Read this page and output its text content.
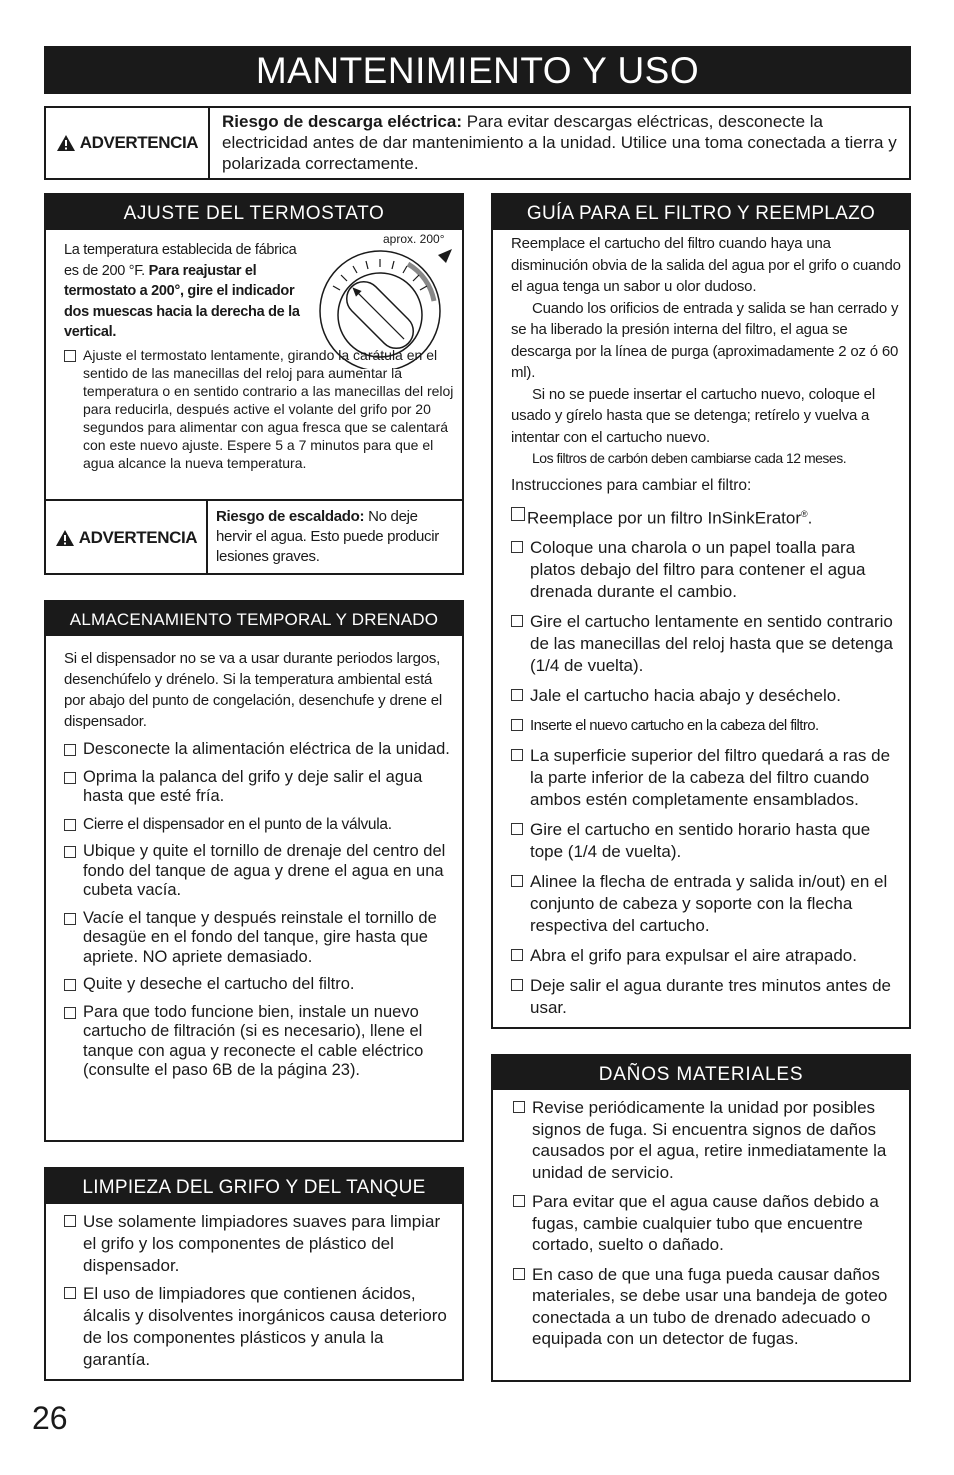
MANTENIMIENTO Y USO
ADVERTENCIA
Riesgo de descarga eléctrica: Para evitar descargas eléctricas, desconecte la electricidad antes de dar mantenimiento a la unidad. Utilice una toma conectada a tierra y polarizada correctamente.
AJUSTE DEL TERMOSTATO
aprox. 200°
La temperatura establecida de fábrica es de 200 °F. Para reajustar el termostato a 200°, gire el indicador dos muescas hacia la derecha de la vertical.
Ajuste el termostato lentamente, girando la carátula en el sentido de las manecillas del reloj para aumentar la temperatura o en sentido contrario a las manecillas del reloj para reducirla, después active el volante del grifo por 20 segundos para alimentar con agua fresca que se calentará con este nuevo ajuste. Espere 5 a 7 minutos para que el agua alcance la nueva temperatura.
ADVERTENCIA
Riesgo de escaldado: No deje hervir el agua. Esto puede producir lesiones graves.
ALMACENAMIENTO TEMPORAL Y DRENADO

Si el dispensador no se va a usar durante periodos largos, desenchúfelo y drénelo. Si la temperatura ambiental está por abajo del punto de congelación, desenchufe y drene el dispensador.

Desconecte la alimentación eléctrica de la unidad.
Oprima la palanca del grifo y deje salir el agua hasta que esté fría.
Cierre el dispensador en el punto de la válvula.
Ubique y quite el tornillo de drenaje del centro del fondo del tanque de agua y drene el agua en una cubeta vacía.
Vacíe el tanque y después reinstale el tornillo de desagüe en el fondo del tanque, gire hasta que apriete. NO apriete demasiado.
Quite y deseche el cartucho del filtro.
Para que todo funcione bien, instale un nuevo cartucho de filtración (si es necesario), llene el tanque con agua y reconecte el cable eléctrico (consulte el paso 6B de la página 23).
LIMPIEZA DEL GRIFO Y DEL TANQUE
Use solamente limpiadores suaves para limpiar el grifo y los componentes de plástico del dispensador.
El uso de limpiadores que contienen ácidos, álcalis y disolventes inorgánicos causa deterioro de los componentes plásticos y anula la garantía.
GUÍA PARA EL FILTRO Y REEMPLAZO

Reemplace el cartucho del filtro cuando haya una disminución obvia de la salida del agua por el grifo o cuando el agua tenga un sabor u olor dudoso.

Cuando los orificios de entrada y salida se han cerrado y se ha liberado la presión interna del filtro, el agua se descarga por la línea de purga (aproximadamente 2 oz ó 60 ml).

Si no se puede insertar el cartucho nuevo, coloque el usado y gírelo hasta que se detenga; retírelo y vuelva a intentar con el cartucho nuevo.

Los filtros de carbón deben cambiarse cada 12 meses.

Instrucciones para cambiar el filtro:

Reemplace por un filtro InSinkErator®.
Coloque una charola o un papel toalla para platos debajo del filtro para contener el agua drenada durante el cambio.
Gire el cartucho lentamente en sentido contrario de las manecillas del reloj hasta que se detenga (1/4 de vuelta).
Jale el cartucho hacia abajo y deséchelo.
Inserte el nuevo cartucho en la cabeza del filtro.
La superficie superior del filtro quedará a ras de la parte inferior de la cabeza del filtro cuando ambos estén completamente ensamblados.
Gire el cartucho en sentido horario hasta que tope (1/4 de vuelta).
Alinee la flecha de entrada y salida in/out) en el conjunto de cabeza y soporte con la flecha respectiva del cartucho.
Abra el grifo para expulsar el aire atrapado.
Deje salir el agua durante tres minutos antes de usar.
DAÑOS MATERIALES
Revise periódicamente la unidad por posibles signos de fuga. Si encuentra signos de daños causados por el agua, retire inmediatamente la unidad de servicio.
Para evitar que el agua cause daños debido a fugas, cambie cualquier tubo que encuentre cortado, suelto o dañado.
En caso de que una fuga pueda causar daños materiales, se debe usar una bandeja de goteo conectada a un tubo de drenado adecuado o equipada con un detector de fugas.
26
